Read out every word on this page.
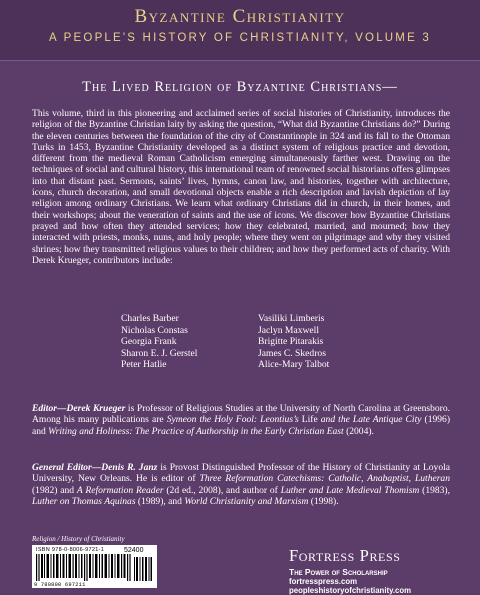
Byzantine Christianity
A PEOPLE'S HISTORY OF CHRISTIANITY, VOLUME 3
The Lived Religion of Byzantine Christians—
This volume, third in this pioneering and acclaimed series of social histories of Christianity, introduces the religion of the Byzantine Christian laity by asking the question, “What did Byzantine Christians do?” During the eleven centuries between the foundation of the city of Constantinople in 324 and its fall to the Ottoman Turks in 1453, Byzantine Christianity developed as a distinct system of religious practice and devotion, different from the medieval Roman Catholicism emerging simultaneously farther west. Drawing on the techniques of social and cultural history, this international team of renowned social historians offers glimpses into that distant past. Sermons, saints’ lives, hymns, canon law, and histories, together with architecture, icons, church decoration, and small devotional objects enable a rich description and lavish depiction of lay religion among ordinary Christians. We learn what ordinary Christians did in church, in their homes, and their workshops; about the veneration of saints and the use of icons. We discover how Byzantine Christians prayed and how often they attended services; how they celebrated, married, and mourned; how they interacted with priests, monks, nuns, and holy people; where they went on pilgrimage and why they visited shrines; how they transmitted religious values to their children; and how they performed acts of charity. With Derek Krueger, contributors include:
Charles Barber
Nicholas Constas
Georgia Frank
Sharon E. J. Gerstel
Peter Hatlie
Vasiliki Limberis
Jaclyn Maxwell
Brigitte Pitarakis
James C. Skedros
Alice-Mary Talbot
Editor—Derek Krueger is Professor of Religious Studies at the University of North Carolina at Greensboro. Among his many publications are Symeon the Holy Fool: Leontius’s Life and the Late Antique City (1996) and Writing and Holiness: The Practice of Authorship in the Early Christian East (2004).
General Editor—Denis R. Janz is Provost Distinguished Professor of the History of Christianity at Loyola University, New Orleans. He is editor of Three Reformation Catechisms: Catholic, Anabaptist, Lutheran (1982) and A Reformation Reader (2d ed., 2008), and author of Luther and Late Medieval Thomism (1983), Luther on Thomas Aquinas (1989), and World Christianity and Marxism (1998).
Religion / History of Christianity
ISBN 978-0-8006-9721-1	52400
9 780800 697211
Fortress Press
The Power of Scholarship
fortresspress.com
peopleshistoryofchristianity.com
